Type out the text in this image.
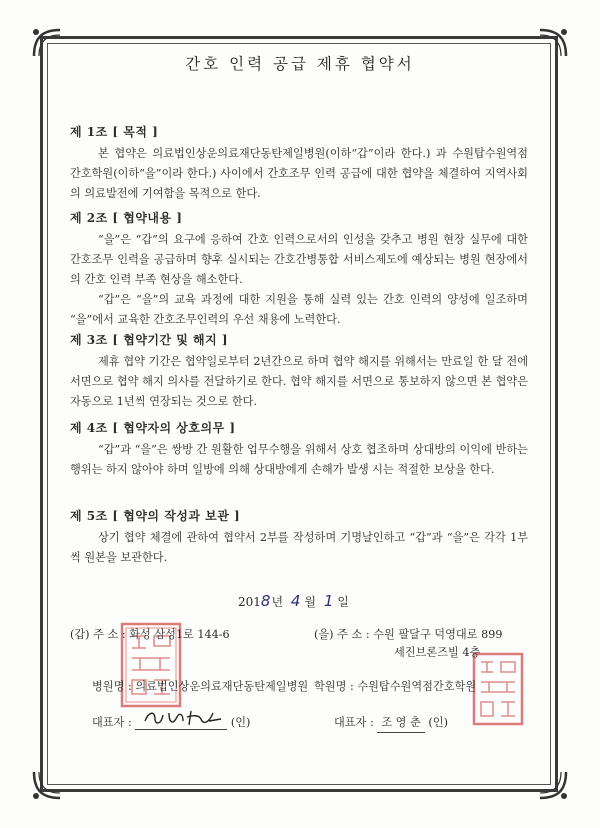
간호 인력 공급 제휴 협약서
제 1조 [ 목적 ]

본 협약은 의료법인상운의료재단동탄제일병원(이하“갑”이라 한다.) 과 수원탑수원역점간호학원(이하“을”이라 한다.) 사이에서 간호조무 인력 공급에 대한 협약을 체결하여 지역사회의 의료발전에 기여함을 목적으로 한다.

제 2조 [ 협약내용 ]

“을”은 “갑”의 요구에 응하여 간호 인력으로서의 인성을 갖추고 병원 현장 실무에 대한 간호조무 인력을 공급하며 향후 실시되는 간호간병통합 서비스제도에 예상되는 병원 현장에서의 간호 인력 부족 현상을 해소한다.

“갑”은 “을”의 교육 과정에 대한 지원을 통해 실력 있는 간호 인력의 양성에 일조하며 “을”에서 교육한 간호조무인력의 우선 채용에 노력한다.

제 3조 [ 협약기간 및 해지 ]

제휴 협약 기간은 협약일로부터 2년간으로 하며 협약 해지를 위해서는 만료일 한 달 전에 서면으로 협약 해지 의사를 전달하기로 한다. 협약 해지를 서면으로 통보하지 않으면 본 협약은 자동으로 1년씩 연장되는 것으로 한다.

제 4조 [ 협약자의 상호의무 ]

“갑”과 “을”은 쌍방 간 원활한 업무수행을 위해서 상호 협조하며 상대방의 이익에 반하는 행위는 하지 않아야 하며 일방에 의해 상대방에게 손해가 발생 시는 적절한 보상을 한다.

제 5조 [ 협약의 작성과 보관 ]

상기 협약 체결에 관하여 협약서 2부를 작성하며 기명날인하고 “갑”과 “을”은 각각 1부씩 원본을 보관한다.

2018년 4 월 1 일
(갑) 주 소 : 화성 삼성1로 144-6
병원명 : 의료법인상운의료재단동탄제일병원
대표자 :	(인)
(을) 주 소 : 수원 팔달구 덕영대로 899
세진브론즈빌 4층
학원명 : 수원탑수원역점간호학원
대표자 : 조 영 춘 (인)
